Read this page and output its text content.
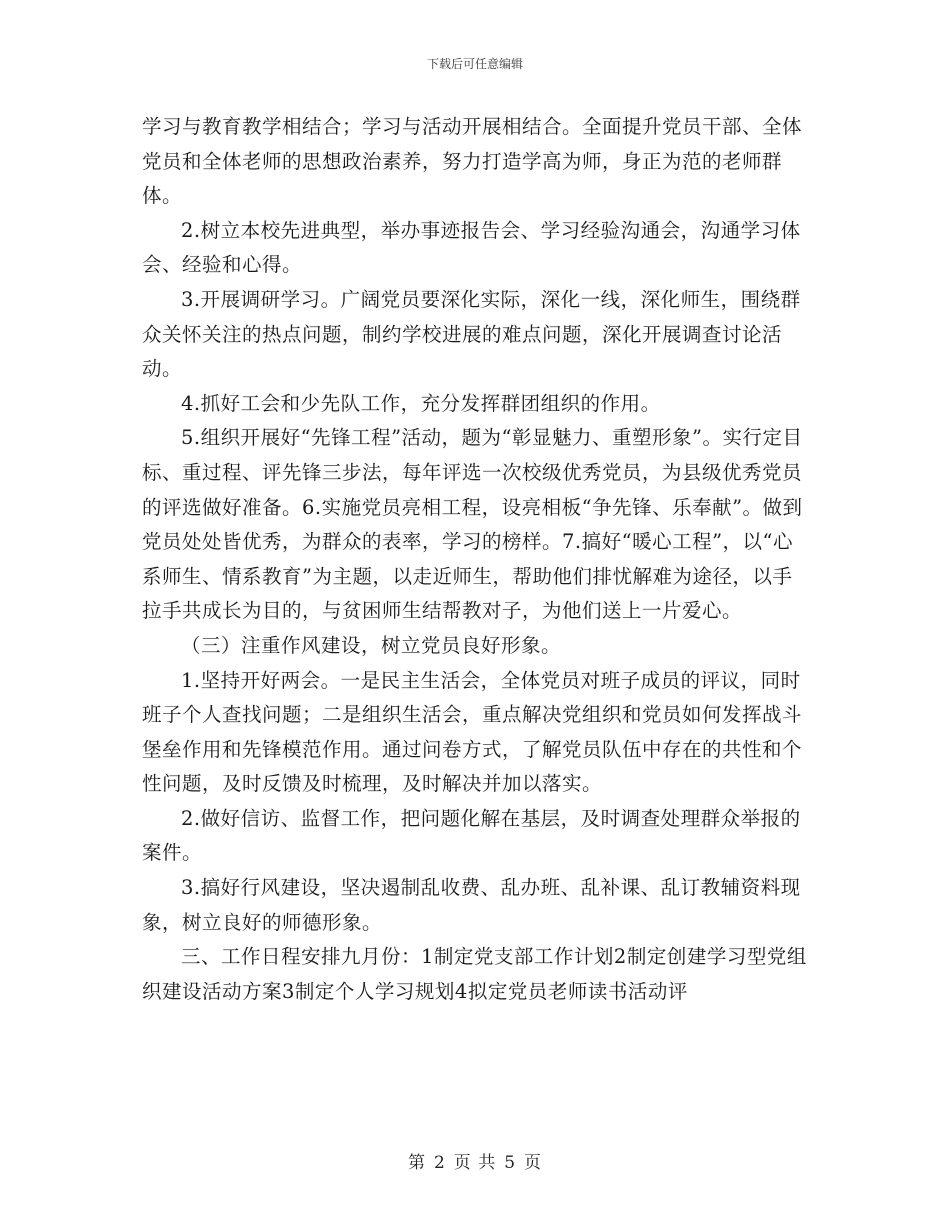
下载后可任意编辑

学习与教育教学相结合；学习与活动开展相结合。全面提升党员干部、全体党员和全体老师的思想政治素养，努力打造学高为师，身正为范的老师群体。

2.树立本校先进典型，举办事迹报告会、学习经验沟通会，沟通学习体会、经验和心得。

3.开展调研学习。广阔党员要深化实际，深化一线，深化师生，围绕群众关怀关注的热点问题，制约学校进展的难点问题，深化开展调查讨论活动。

4.抓好工会和少先队工作，充分发挥群团组织的作用。

5.组织开展好“先锋工程”活动，题为“彰显魅力、重塑形象”。实行定目标、重过程、评先锋三步法，每年评选一次校级优秀党员，为县级优秀党员的评选做好准备。6.实施党员亮相工程，设亮相板“争先锋、乐奉献”。做到党员处处皆优秀，为群众的表率，学习的榜样。7.搞好“暖心工程”，以“心系师生、情系教育”为主题，以走近师生，帮助他们排忧解难为途径，以手拉手共成长为目的，与贫困师生结帮教对子，为他们送上一片爱心。

（三）注重作风建设，树立党员良好形象。

1.坚持开好两会。一是民主生活会，全体党员对班子成员的评议，同时班子个人查找问题；二是组织生活会，重点解决党组织和党员如何发挥战斗堡垒作用和先锋模范作用。通过问卷方式，了解党员队伍中存在的共性和个性问题，及时反馈及时梳理，及时解决并加以落实。

2.做好信访、监督工作，把问题化解在基层，及时调查处理群众举报的案件。

3.搞好行风建设，坚决遏制乱收费、乱办班、乱补课、乱订教辅资料现象，树立良好的师德形象。

三、工作日程安排九月份：1制定党支部工作计划2制定创建学习型党组织建设活动方案3制定个人学习规划4拟定党员老师读书活动评

第 2 页 共 5 页
